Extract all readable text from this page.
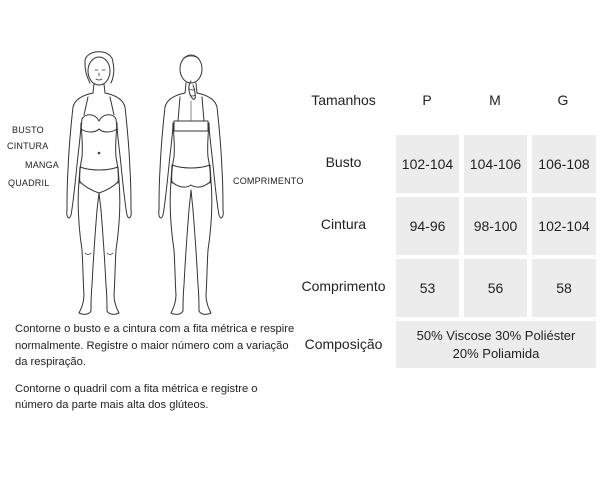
BUSTO
CINTURA
MANGA
QUADRIL	COMPRIMENTO

Contorne o busto e a cintura com a fita métrica e respire normalmente. Registre o maior número com a variação da respiração.

Contorne o quadril com a fita métrica e registre o número da parte mais alta dos glúteos.

Tamanhos	P	M	G
Busto	102-104	104-106	106-108
Cintura	94-96	98-100	102-104
Comprimento	53	56	58
Composição
50% Viscose 30% Poliéster
20% Poliamida
